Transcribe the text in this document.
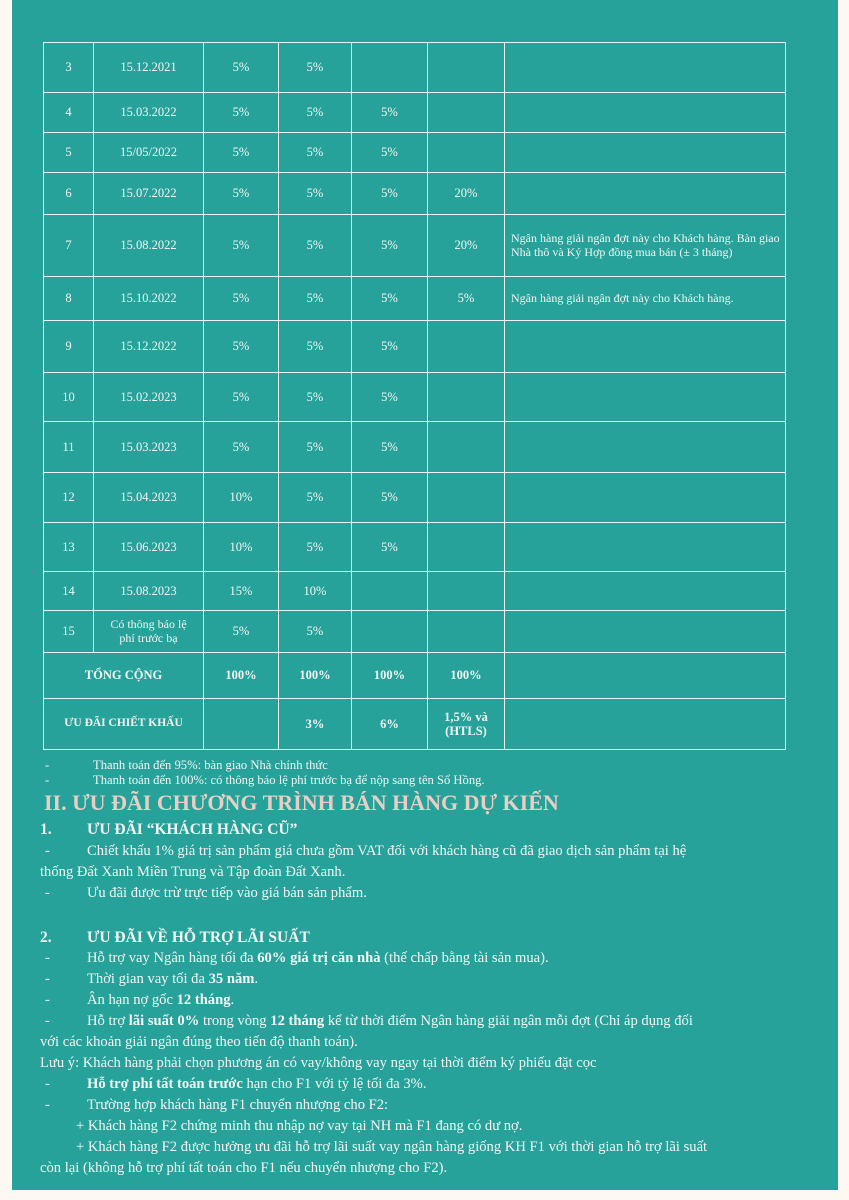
3	15.12.2021	5%	5%			
4	15.03.2022	5%	5%	5%		
5	15/05/2022	5%	5%	5%		
6	15.07.2022	5%	5%	5%	20%	
7	15.08.2022	5%	5%	5%	20%	Ngân hàng giải ngân đợt này cho Khách hàng. Bàn giao Nhà thô và Ký Hợp đồng mua bán (± 3 tháng)
8	15.10.2022	5%	5%	5%	5%	Ngân hàng giải ngân đợt này cho Khách hàng.
9	15.12.2022	5%	5%	5%		
10	15.02.2023	5%	5%	5%		
11	15.03.2023	5%	5%	5%		
12	15.04.2023	10%	5%	5%		
13	15.06.2023	10%	5%	5%		
14	15.08.2023	15%	10%			
15	Có thông báo lệ phí trước bạ	5%	5%			
TỔNG CỘNG		100%	100%	100%	100%	
ƯU ĐÃI CHIẾT KHẤU			3%	6%	1,5% và (HTLS)	
-	Thanh toán đến 95%: bàn giao Nhà chính thức
-	Thanh toán đến 100%: có thông báo lệ phí trước bạ để nộp sang tên Sổ Hồng.
II. ƯU ĐÃI CHƯƠNG TRÌNH BÁN HÀNG DỰ KIẾN
1. ƯU ĐÃI “KHÁCH HÀNG CŨ”
-	Chiết khấu 1% giá trị sản phẩm giá chưa gồm VAT đối với khách hàng cũ đã giao dịch sản phẩm tại hệ
thống Đất Xanh Miền Trung và Tập đoàn Đất Xanh.
-	Ưu đãi được trừ trực tiếp vào giá bán sản phẩm.
2. ƯU ĐÃI VỀ HỖ TRỢ LÃI SUẤT
-	Hỗ trợ vay Ngân hàng tối đa 60% giá trị căn nhà (thế chấp bằng tài sản mua).
-	Thời gian vay tối đa 35 năm.
-	Ân hạn nợ gốc 12 tháng.
-	Hỗ trợ lãi suất 0% trong vòng 12 tháng kể từ thời điểm Ngân hàng giải ngân mỗi đợt (Chỉ áp dụng đối
với các khoản giải ngân đúng theo tiến độ thanh toán).
Lưu ý: Khách hàng phải chọn phương án có vay/không vay ngay tại thời điểm ký phiếu đặt cọc
-	Hỗ trợ phí tất toán trước hạn cho F1 với tỷ lệ tối đa 3%.
-	Trường hợp khách hàng F1 chuyển nhượng cho F2:
+ Khách hàng F2 chứng minh thu nhập nợ vay tại NH mà F1 đang có dư nợ.
+ Khách hàng F2 được hưởng ưu đãi hỗ trợ lãi suất vay ngân hàng giống KH F1 với thời gian hỗ trợ lãi suất
còn lại (không hỗ trợ phí tất toán cho F1 nếu chuyển nhượng cho F2).
